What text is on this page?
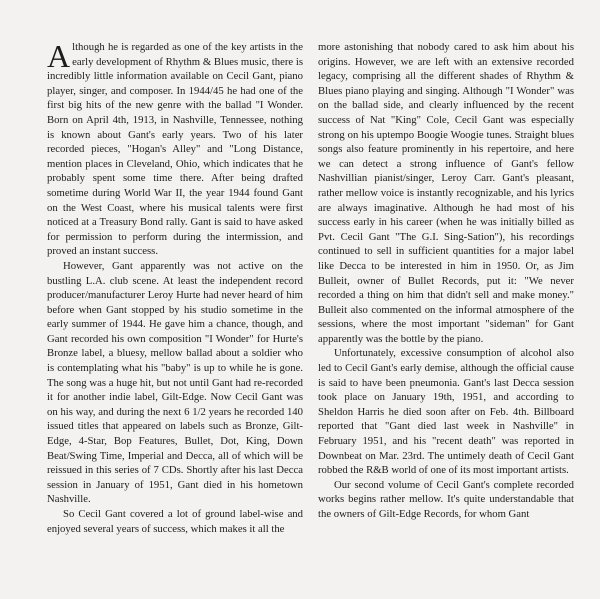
Although he is regarded as one of the key artists in the early development of Rhythm & Blues music, there is incredibly little information available on Cecil Gant, piano player, singer, and composer. In 1944/45 he had one of the first big hits of the new genre with the ballad "I Wonder. Born on April 4th, 1913, in Nashville, Tennessee, nothing is known about Gant's early years. Two of his later recorded pieces, "Hogan's Alley" and "Long Distance, mention places in Cleveland, Ohio, which indicates that he probably spent some time there. After being drafted sometime during World War II, the year 1944 found Gant on the West Coast, where his musical talents were first noticed at a Treasury Bond rally. Gant is said to have asked for permission to perform during the intermission, and proved an instant success.

However, Gant apparently was not active on the bustling L.A. club scene. At least the independent record producer/manufacturer Leroy Hurte had never heard of him before when Gant stopped by his studio sometime in the early summer of 1944. He gave him a chance, though, and Gant recorded his own composition "I Wonder" for Hurte's Bronze label, a bluesy, mellow ballad about a soldier who is contemplating what his "baby" is up to while he is gone. The song was a huge hit, but not until Gant had re-recorded it for another indie label, Gilt-Edge. Now Cecil Gant was on his way, and during the next 6 1/2 years he recorded 140 issued titles that appeared on labels such as Bronze, Gilt-Edge, 4-Star, Bop Features, Bullet, Dot, King, Down Beat/Swing Time, Imperial and Decca, all of which will be reissued in this series of 7 CDs. Shortly after his last Decca session in January of 1951, Gant died in his hometown Nashville.

So Cecil Gant covered a lot of ground label-wise and enjoyed several years of success, which makes it all the

more astonishing that nobody cared to ask him about his origins. However, we are left with an extensive recorded legacy, comprising all the different shades of Rhythm & Blues piano playing and singing. Although "I Wonder" was on the ballad side, and clearly influenced by the recent success of Nat "King" Cole, Cecil Gant was especially strong on his uptempo Boogie Woogie tunes. Straight blues songs also feature prominently in his repertoire, and here we can detect a strong influence of Gant's fellow Nashvillian pianist/singer, Leroy Carr. Gant's pleasant, rather mellow voice is instantly recognizable, and his lyrics are always imaginative. Although he had most of his success early in his career (when he was initially billed as Pvt. Cecil Gant "The G.I. Sing-Sation"), his recordings continued to sell in sufficient quantities for a major label like Decca to be interested in him in 1950. Or, as Jim Bulleit, owner of Bullet Records, put it: "We never recorded a thing on him that didn't sell and make money." Bulleit also commented on the informal atmosphere of the sessions, where the most important "sideman" for Gant apparently was the bottle by the piano.

Unfortunately, excessive consumption of alcohol also led to Cecil Gant's early demise, although the official cause is said to have been pneumonia. Gant's last Decca session took place on January 19th, 1951, and according to Sheldon Harris he died soon after on Feb. 4th. Billboard reported that "Gant died last week in Nashville" in February 1951, and his "recent death" was reported in Downbeat on Mar. 23rd. The untimely death of Cecil Gant robbed the R&B world of one of its most important artists.

Our second volume of Cecil Gant's complete recorded works begins rather mellow. It's quite understandable that the owners of Gilt-Edge Records, for whom Gant
